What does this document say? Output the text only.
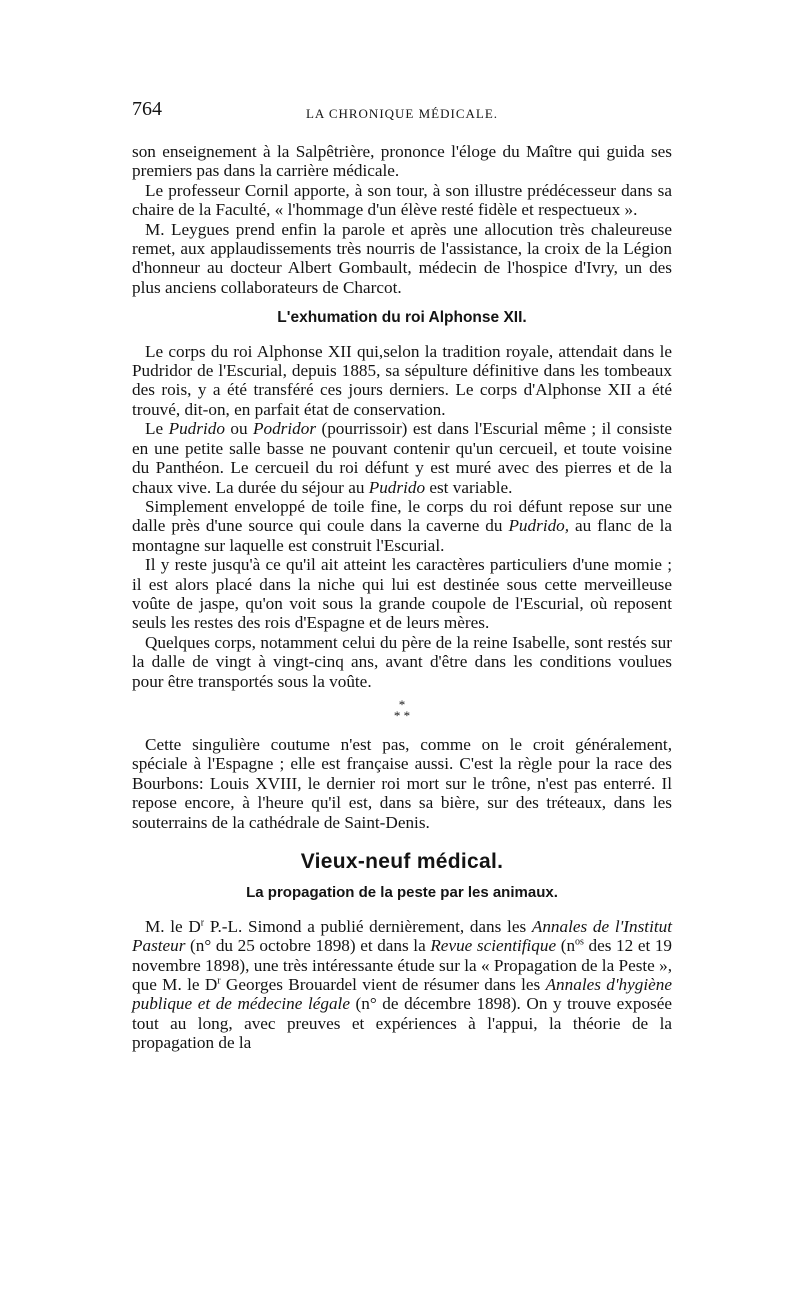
764	LA CHRONIQUE MÉDICALE.

son enseignement à la Salpêtrière, prononce l'éloge du Maître qui guida ses premiers pas dans la carrière médicale.

Le professeur Cornil apporte, à son tour, à son illustre prédécesseur dans sa chaire de la Faculté, « l'hommage d'un élève resté fidèle et respectueux ».

M. Leygues prend enfin la parole et après une allocution très chaleureuse remet, aux applaudissements très nourris de l'assistance, la croix de la Légion d'honneur au docteur Albert Gombault, médecin de l'hospice d'Ivry, un des plus anciens collaborateurs de Charcot.

L'exhumation du roi Alphonse XII.

Le corps du roi Alphonse XII qui,selon la tradition royale, attendait dans le Pudridor de l'Escurial, depuis 1885, sa sépulture définitive dans les tombeaux des rois, y a été transféré ces jours derniers. Le corps d'Alphonse XII a été trouvé, dit-on, en parfait état de conservation.

Le Pudrido ou Podridor (pourrissoir) est dans l'Escurial même ; il consiste en une petite salle basse ne pouvant contenir qu'un cercueil, et toute voisine du Panthéon. Le cercueil du roi défunt y est muré avec des pierres et de la chaux vive. La durée du séjour au Pudrido est variable.

Simplement enveloppé de toile fine, le corps du roi défunt repose sur une dalle près d'une source qui coule dans la caverne du Pudrido, au flanc de la montagne sur laquelle est construit l'Escurial.

Il y reste jusqu'à ce qu'il ait atteint les caractères particuliers d'une momie ; il est alors placé dans la niche qui lui est destinée sous cette merveilleuse voûte de jaspe, qu'on voit sous la grande coupole de l'Escurial, où reposent seuls les restes des rois d'Espagne et de leurs mères.

Quelques corps, notamment celui du père de la reine Isabelle, sont restés sur la dalle de vingt à vingt-cinq ans, avant d'être dans les conditions voulues pour être transportés sous la voûte.

*
* *

Cette singulière coutume n'est pas, comme on le croit généralement, spéciale à l'Espagne ; elle est française aussi. C'est la règle pour la race des Bourbons: Louis XVIII, le dernier roi mort sur le trône, n'est pas enterré. Il repose encore, à l'heure qu'il est, dans sa bière, sur des tréteaux, dans les souterrains de la cathédrale de Saint-Denis.

Vieux-neuf médical.
La propagation de la peste par les animaux.

M. le $D^r$ P.-L. Simond a publié dernièrement, dans les Annales de l'Institut Pasteur (n° du 25 octobre 1898) et dans la Revue scientifique ($n^{os}$ des 12 et 19 novembre 1898), une très intéressante étude sur la « Propagation de la Peste », que M. le $D^r$ Georges Brouardel vient de résumer dans les Annales d'hygiène publique et de médecine légale (n° de décembre 1898). On y trouve exposée tout au long, avec preuves et expériences à l'appui, la théorie de la propagation de la
